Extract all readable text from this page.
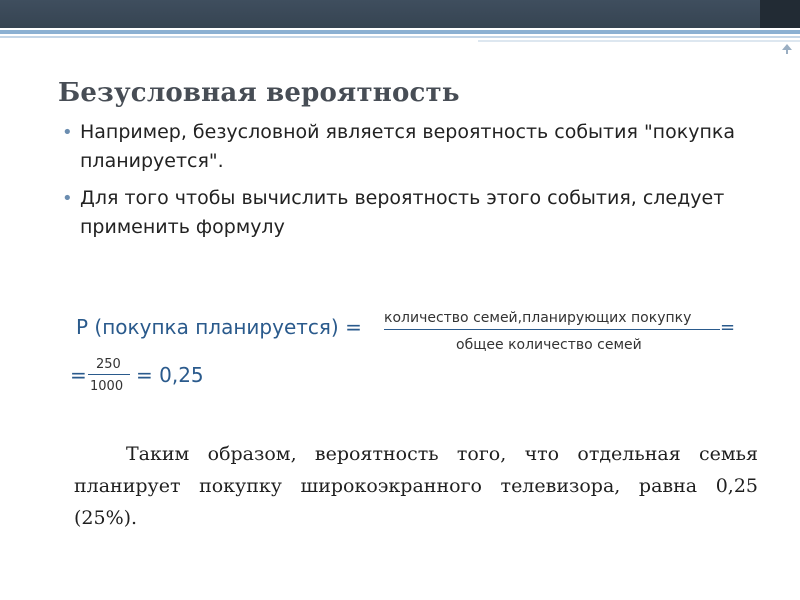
Безусловная вероятность
• Например, безусловной является вероятность события "покупка планируется".
• Для того чтобы вычислить вероятность этого события, следует применить формулу
P (покупка планируется) = количество семей,планирующих покупку
общее количество семей
=
= 250
1000 = 0,25
Таким образом, вероятность того, что отдельная семья планирует покупку широкоэкранного телевизора, равна 0,25 (25%).
